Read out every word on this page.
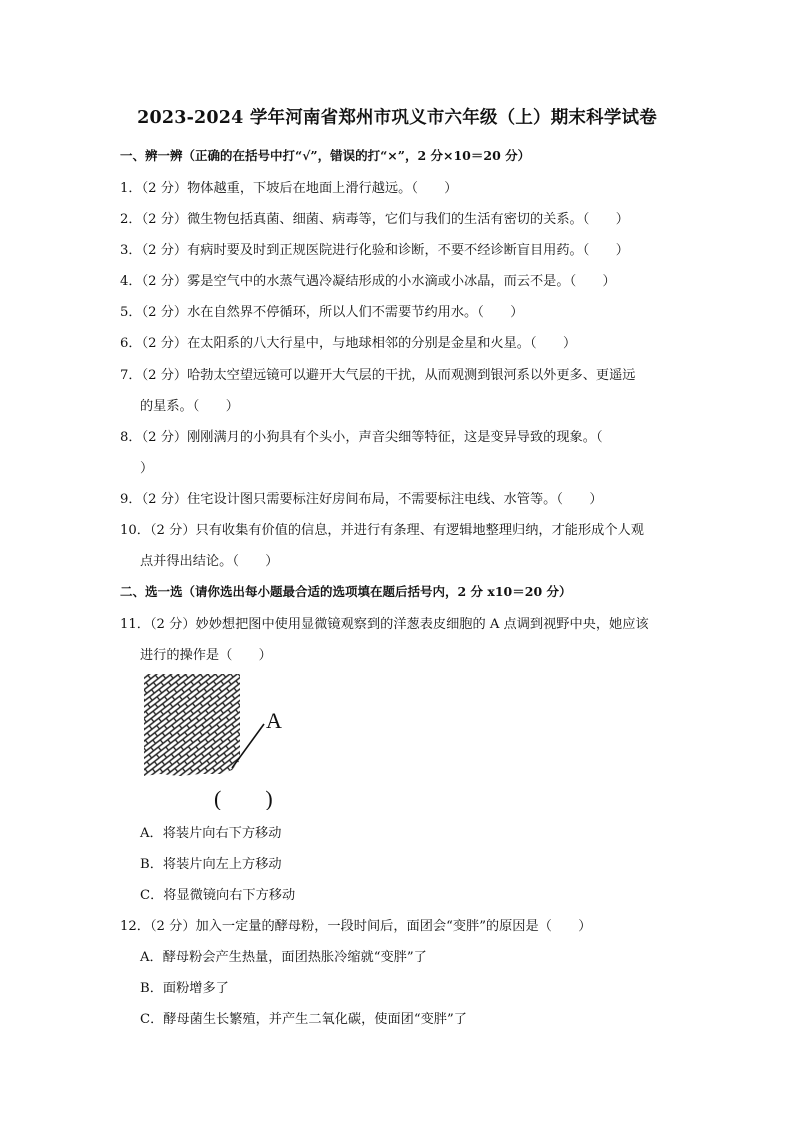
2023-2024 学年河南省郑州市巩义市六年级（上）期末科学试卷
一、辨一辨（正确的在括号中打“√”，错误的打“×”，2 分×10＝20 分）
1．（2 分）物体越重，下坡后在地面上滑行越远。（　　）
2．（2 分）微生物包括真菌、细菌、病毒等，它们与我们的生活有密切的关系。（　　）
3．（2 分）有病时要及时到正规医院进行化验和诊断，不要不经诊断盲目用药。（　　）
4．（2 分）雾是空气中的水蒸气遇冷凝结形成的小水滴或小冰晶，而云不是。（　　）
5．（2 分）水在自然界不停循环，所以人们不需要节约用水。（　　）
6．（2 分）在太阳系的八大行星中，与地球相邻的分别是金星和火星。（　　）
7．（2 分）哈勃太空望远镜可以避开大气层的干扰，从而观测到银河系以外更多、更遥远
的星系。（　　）
8．（2 分）刚刚满月的小狗具有个头小，声音尖细等特征，这是变异导致的现象。（
）
9．（2 分）住宅设计图只需要标注好房间布局，不需要标注电线、水管等。（　　）
10．（2 分）只有收集有价值的信息，并进行有条理、有逻辑地整理归纳，才能形成个人观
点并得出结论。（　　）
二、选一选（请你选出每小题最合适的选项填在题后括号内，2 分 x10＝20 分）
11．（2 分）妙妙想把图中使用显微镜观察到的洋葱表皮细胞的 A 点调到视野中央，她应该
进行的操作是（　　）
A
(　　)
A．将装片向右下方移动
B．将装片向左上方移动
C．将显微镜向右下方移动
12．（2 分）加入一定量的酵母粉，一段时间后，面团会“变胖”的原因是（　　）
A．酵母粉会产生热量，面团热胀冷缩就“变胖”了
B．面粉增多了
C．酵母菌生长繁殖，并产生二氧化碳，使面团“变胖”了
